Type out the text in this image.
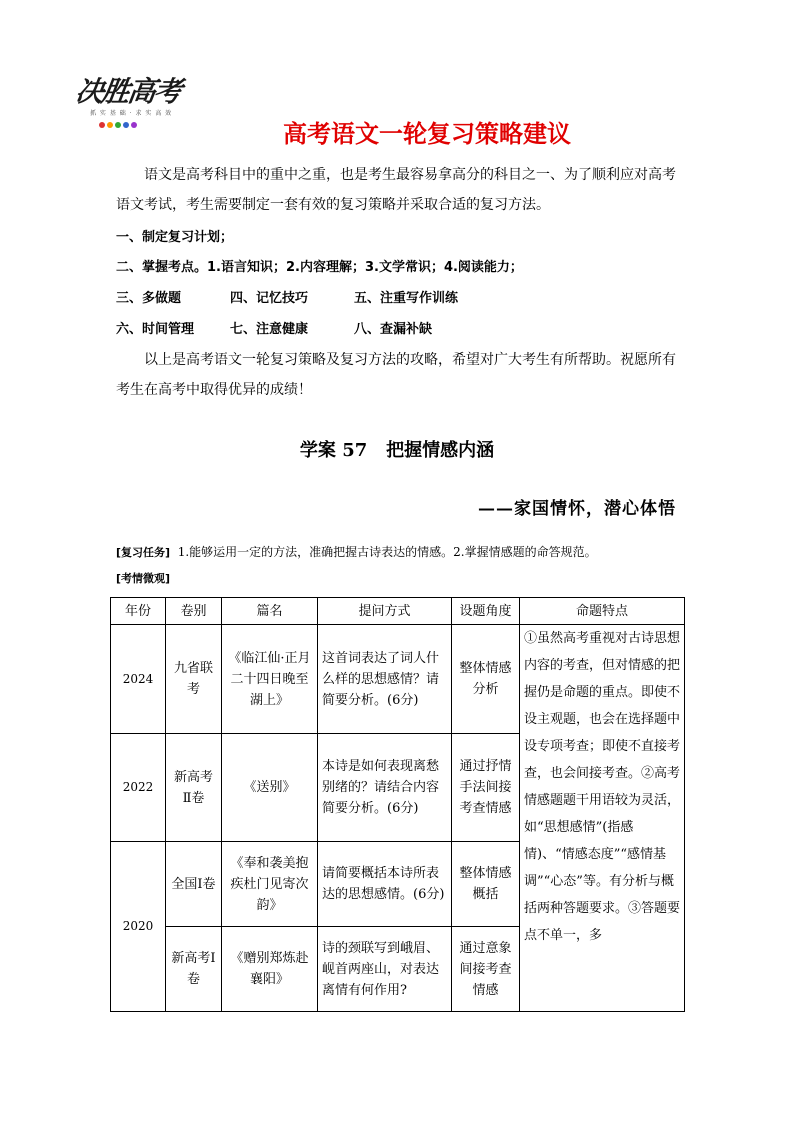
决胜高考
抓 实 基 础 · 求 实 高 效
高考语文一轮复习策略建议
语文是高考科目中的重中之重，也是考生最容易拿高分的科目之一、为了顺利应对高考语文考试，考生需要制定一套有效的复习策略并采取合适的复习方法。
一、制定复习计划；
二、掌握考点。1.语言知识；2.内容理解；3.文学常识；4.阅读能力；
三、多做题	四、记忆技巧	五、注重写作训练
六、时间管理	七、注意健康	八、查漏补缺
以上是高考语文一轮复习策略及复习方法的攻略，希望对广大考生有所帮助。祝愿所有考生在高考中取得优异的成绩！
学案 57 把握情感内涵
——家国情怀，潜心体悟
[复习任务] 1.能够运用一定的方法，准确把握古诗表达的情感。2.掌握情感题的命答规范。
[考情微观]
年份	卷别	篇名	提问方式	设题角度	命题特点
2024	九省联考	《临江仙·正月二十四日晚至湖上》	这首词表达了词人什么样的思想感情？请简要分析。(6分)	整体情感分析	①虽然高考重视对古诗思想内容的考查，但对情感的把握仍是命题的重点。即使不设主观题，也会在选择题中设专项考查；即使不直接考查，也会间接考查。②高考情感题题干用语较为灵活，如“思想感情”(指感情)、“情感态度”“感情基调”“心态”等。有分析与概括两种答题要求。③答题要点不单一，多
2022	新高考Ⅱ卷	《送别》	本诗是如何表现离愁别绪的？请结合内容简要分析。(6分)	通过抒情手法间接考查情感	
2020	全国Ⅰ卷	《奉和袭美抱疾杜门见寄次韵》	请简要概括本诗所表达的思想感情。(6分)	整体情感概括	
	新高考Ⅰ卷	《赠别郑炼赴襄阳》	诗的颈联写到峨眉、岘首两座山，对表达离情有何作用?	通过意象间接考查情感	
